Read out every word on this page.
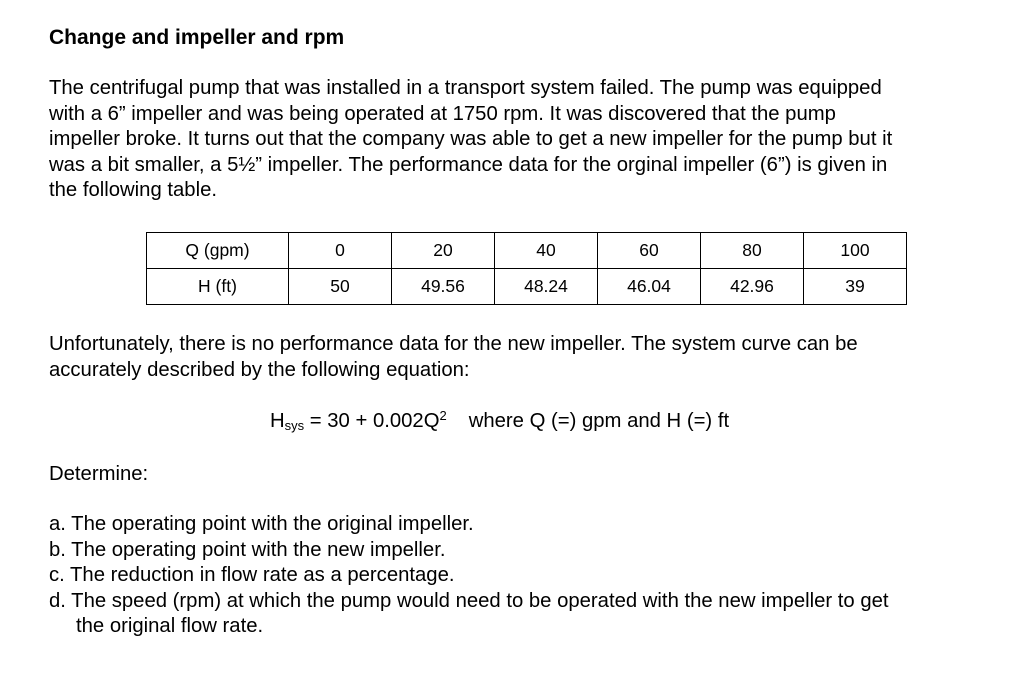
Change and impeller and rpm
The centrifugal pump that was installed in a transport system failed. The pump was equipped
with a 6” impeller and was being operated at 1750 rpm. It was discovered that the pump
impeller broke. It turns out that the company was able to get a new impeller for the pump but it
was a bit smaller, a 5½” impeller. The performance data for the orginal impeller (6”) is given in
the following table.
Q (gpm)	0	20	40	60	80	100
H (ft)	50	49.56	48.24	46.04	42.96	39
Unfortunately, there is no performance data for the new impeller. The system curve can be
accurately described by the following equation:
$H_{sys} = 30 + 0.002Q^2$ where Q (=) gpm and H (=) ft
Determine:
a. The operating point with the original impeller.
b. The operating point with the new impeller.
c. The reduction in flow rate as a percentage.
d. The speed (rpm) at which the pump would need to be operated with the new impeller to get
the original flow rate.
